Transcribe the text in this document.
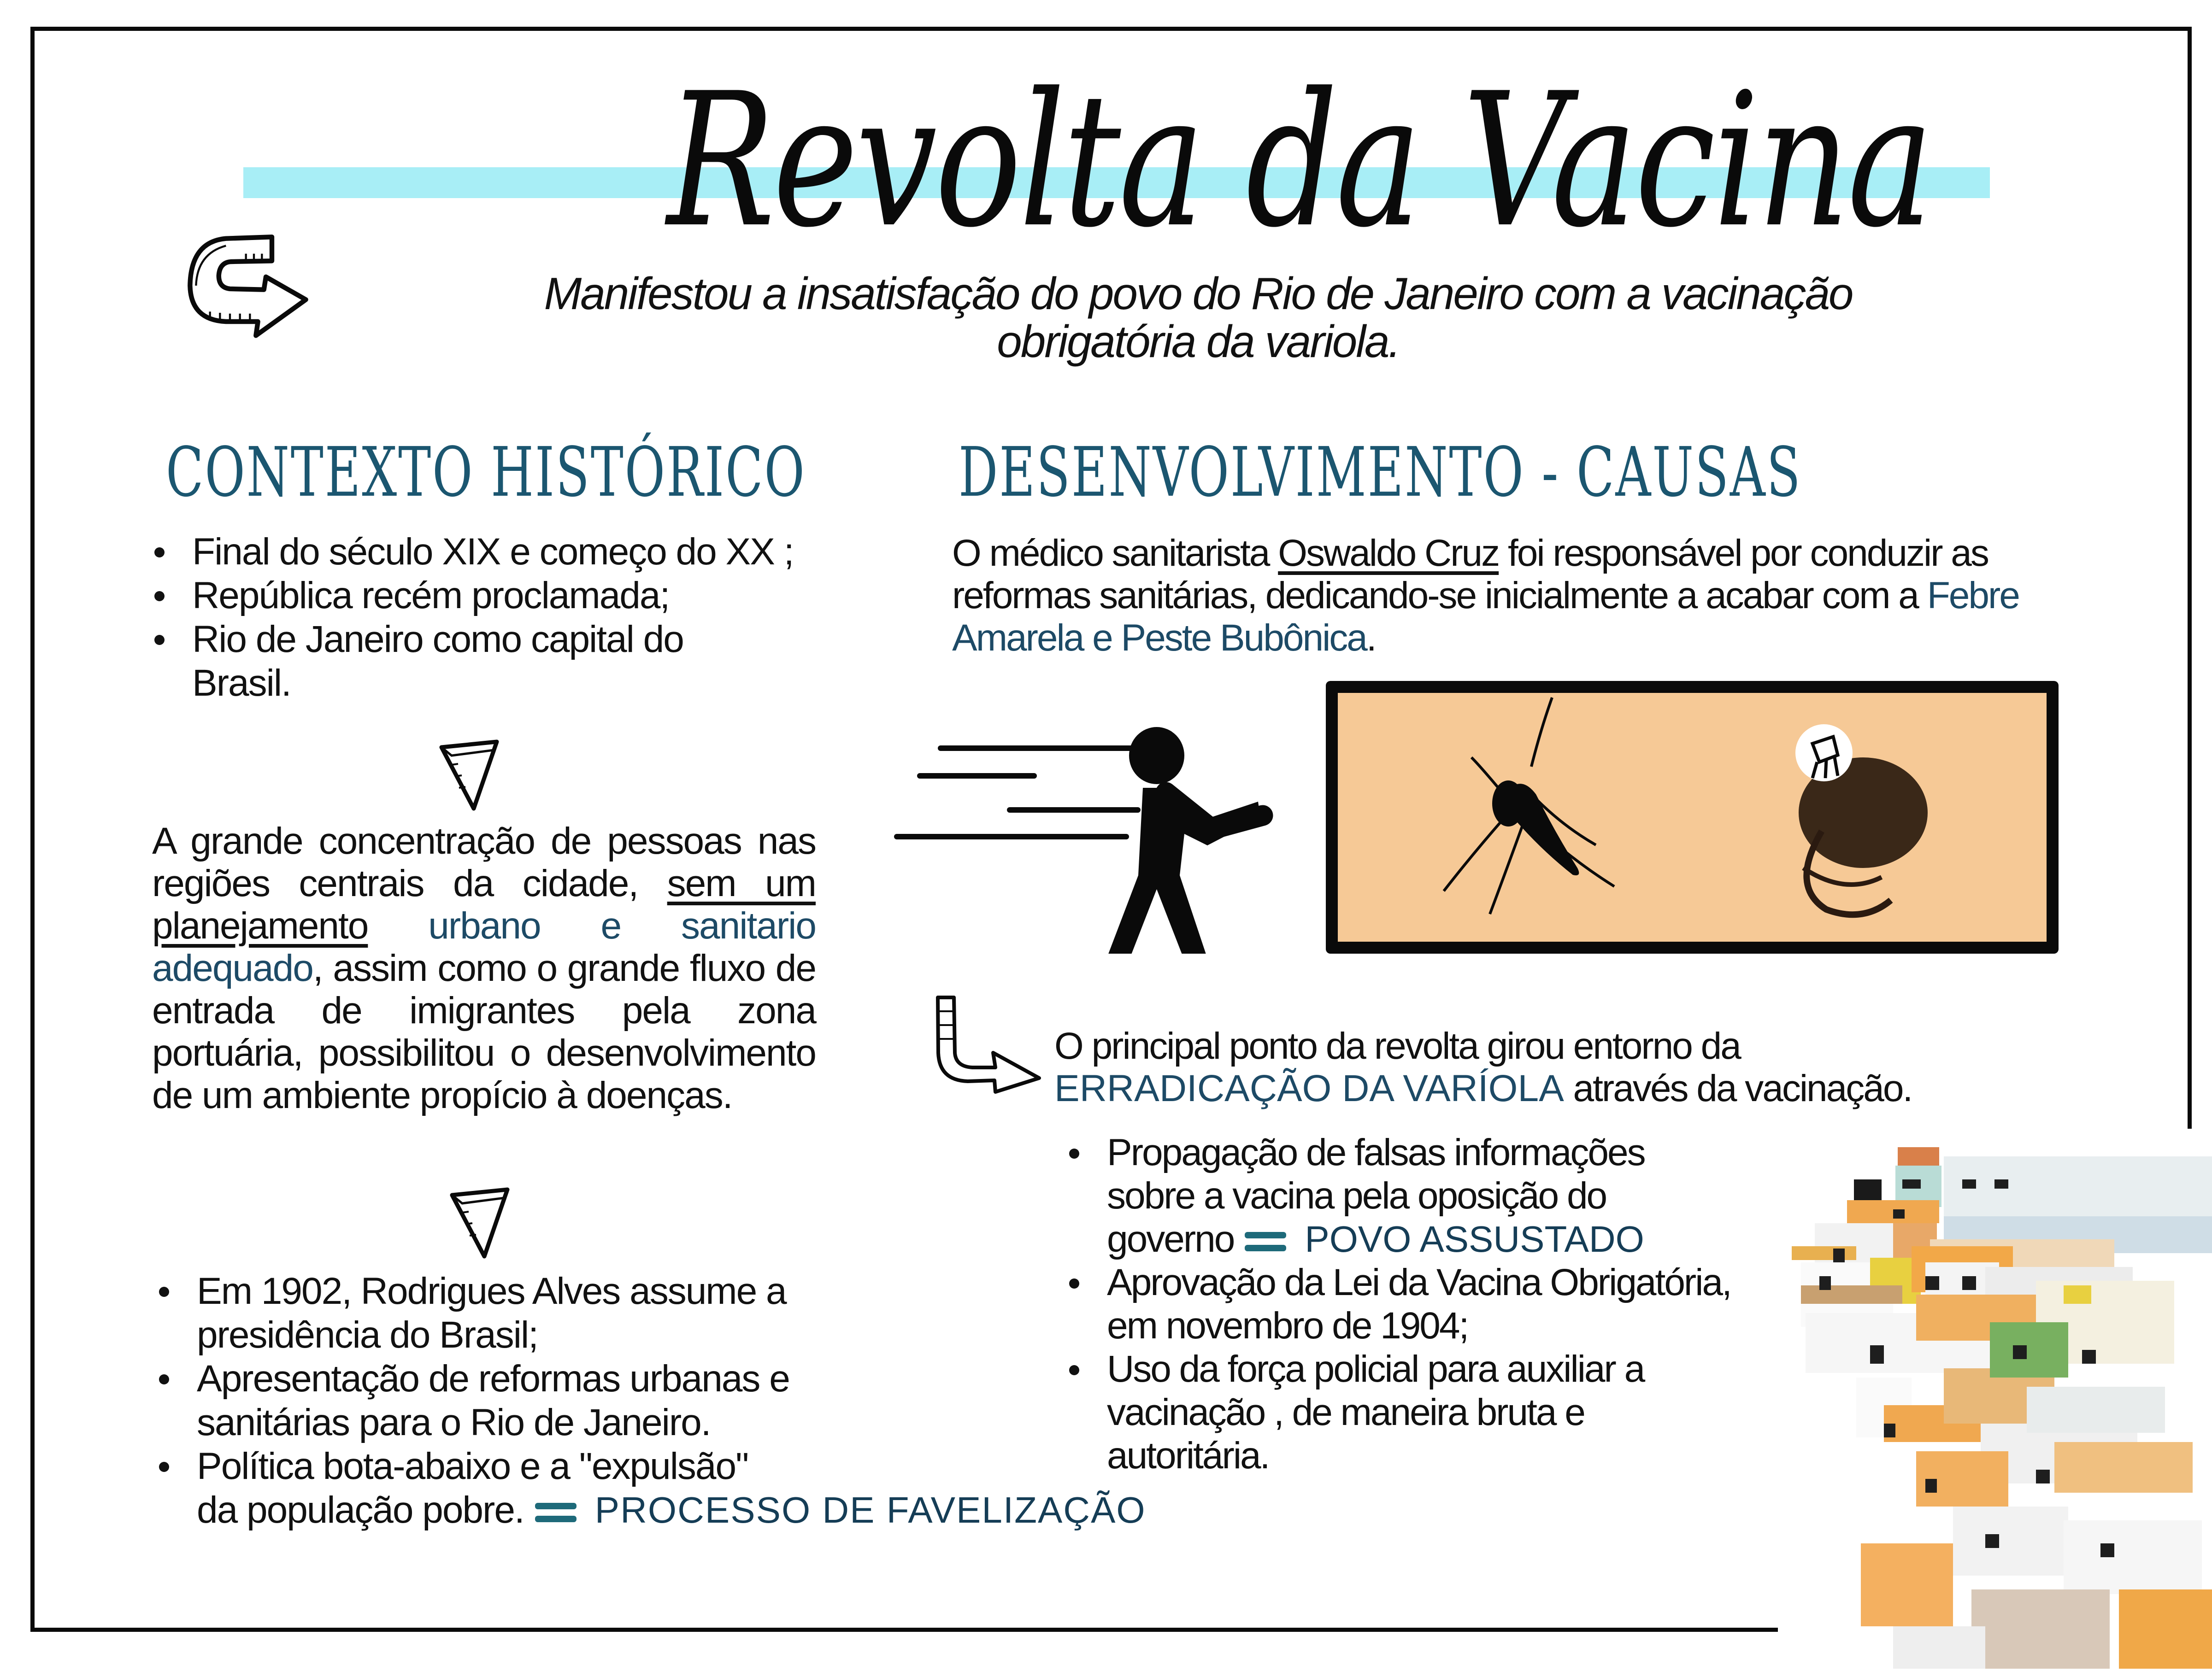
Revolta da Vacina
Manifestou a insatisfação do povo do Rio de Janeiro com a vacinação
obrigatória da variola.
CONTEXTO HISTÓRICO
Final do século XIX e começo do XX ;
República recém proclamada;
Rio de Janeiro como capital do Brasil.
A grande concentração de pessoas nas regiões centrais da cidade, sem um planejamento urbano e sanitario adequado, assim como o grande fluxo de entrada de imigrantes pela zona portuária, possibilitou o desenvolvimento de um ambiente propício à doenças.
Em 1902, Rodrigues Alves assume a presidência do Brasil;
Apresentação de reformas urbanas e sanitárias para o Rio de Janeiro.
Política bota-abaixo e a "expulsão"
da população pobre. PROCESSO DE FAVELIZAÇÃO
DESENVOLVIMENTO - CAUSAS
O médico sanitarista Oswaldo Cruz foi responsável por conduzir as reformas sanitárias, dedicando-se inicialmente a acabar com a Febre Amarela e Peste Bubônica.
O principal ponto da revolta girou entorno da
ERRADICAÇÃO DA VARÍOLA através da vacinação.
Propagação de falsas informações
sobre a vacina pela oposição do
governo POVO ASSUSTADO
Aprovação da Lei da Vacina Obrigatória, em novembro de 1904;
Uso da força policial para auxiliar a vacinação , de maneira bruta e autoritária.
